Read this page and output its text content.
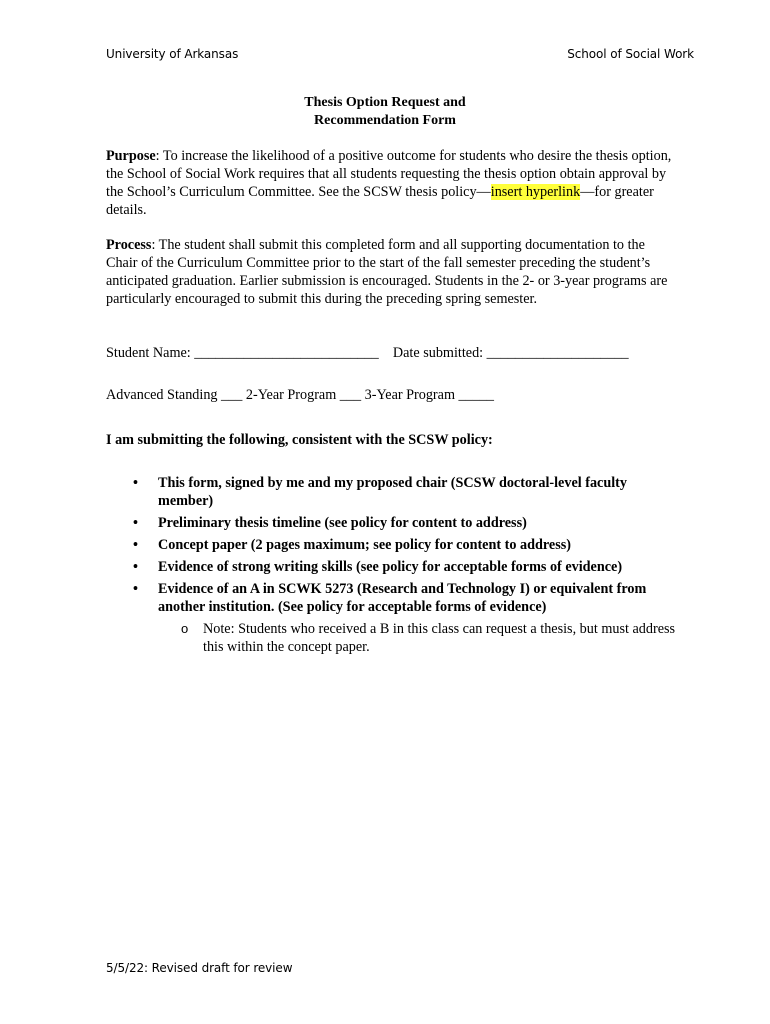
University of Arkansas	School of Social Work
Thesis Option Request and
Recommendation Form
Purpose: To increase the likelihood of a positive outcome for students who desire the thesis option, the School of Social Work requires that all students requesting the thesis option obtain approval by the School’s Curriculum Committee. See the SCSW thesis policy—insert hyperlink—for greater details.
Process: The student shall submit this completed form and all supporting documentation to the Chair of the Curriculum Committee prior to the start of the fall semester preceding the student’s anticipated graduation. Earlier submission is encouraged. Students in the 2- or 3-year programs are particularly encouraged to submit this during the preceding spring semester.
Student Name: __________________________ Date submitted: ____________________
Advanced Standing ___ 2-Year Program ___ 3-Year Program _____
I am submitting the following, consistent with the SCSW policy:
• This form, signed by me and my proposed chair (SCSW doctoral-level faculty member)
• Preliminary thesis timeline (see policy for content to address)
• Concept paper (2 pages maximum; see policy for content to address)
• Evidence of strong writing skills (see policy for acceptable forms of evidence)
• Evidence of an A in SCWK 5273 (Research and Technology I) or equivalent from another institution. (See policy for acceptable forms of evidence)
o Note: Students who received a B in this class can request a thesis, but must address this within the concept paper.
5/5/22: Revised draft for review
